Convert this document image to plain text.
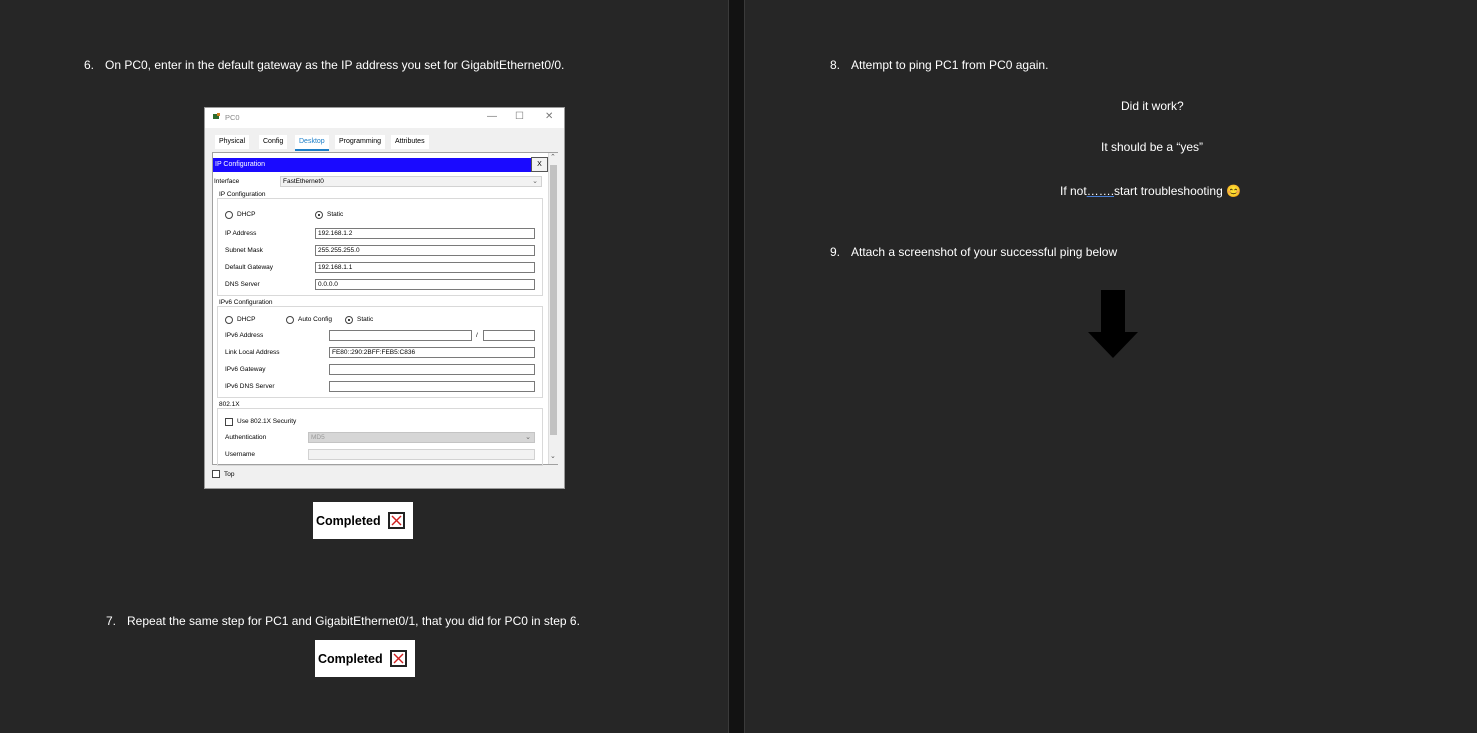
6. On PC0, enter in the default gateway as the IP address you set for GigabitEthernet0/0.
PC0	— ☐ ✕
Physical	Config	Desktop	Programming	Attributes
IP Configuration	X
Interface	FastEthernet0	⌄
IP Configuration
DHCP	Static
IP Address	192.168.1.2
Subnet Mask	255.255.255.0
Default Gateway	192.168.1.1
DNS Server	0.0.0.0
IPv6 Configuration
DHCP	Auto Config	Static
IPv6 Address	/
Link Local Address	FE80::290:2BFF:FEB5:C836
IPv6 Gateway
IPv6 DNS Server
802.1X
Use 802.1X Security
Authentication	MD5	⌄
Username
⌃
⌄
Top
Completed
7. Repeat the same step for PC1 and GigabitEthernet0/1, that you did for PC0 in step 6.
Completed
8. Attempt to ping PC1 from PC0 again.
Did it work?
It should be a “yes”
If not…….start troubleshooting 😊
9. Attach a screenshot of your successful ping below
